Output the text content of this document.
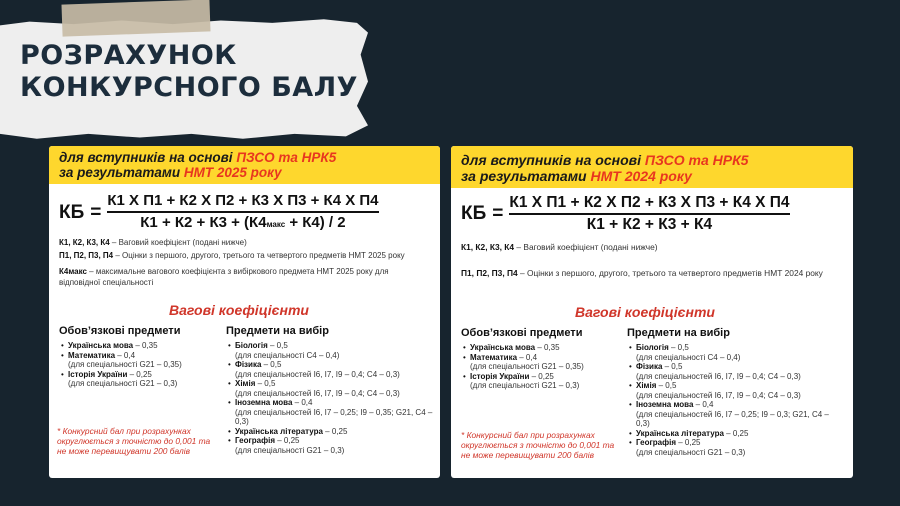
РОЗРАХУНОК
КОНКУРСНОГО БАЛУ
для вступників на основі ПЗСО та НРК5
за результатами НМТ 2025 року
КБ = $\frac{\text{К1 Х П1 + К2 Х П2 + К3 Х П3 + К4 Х П4}}{\text{К1 + К2 + К3 + (К4макс + К4) / 2}}$

К1, К2, К3, К4 – Ваговий коефіцієнт (подані нижче)

П1, П2, П3, П4 – Оцінки з першого, другого, третього та четвертого предметів НМТ 2025 року

К4макс – максимальне вагового коефіцієнта з вибіркового предмета НМТ 2025 року для відповідної спеціальності

Вагові коефіцієнти
Обов’язкові предмети
• Українська мова – 0,35
• Математика – 0,4
(для спеціальності G21 – 0,35)
• Історія України – 0,25
(для спеціальності G21 – 0,3)
Предмети на вибір
• Біологія – 0,5
(для спеціальності С4 – 0,4)
• Фізика – 0,5
(для спеціальностей І6, І7, І9 – 0,4; С4 – 0,3)
• Хімія – 0,5
(для спеціальностей І6, І7, І9 – 0,4; С4 – 0,3)
• Іноземна мова – 0,4
(для спеціальностей І6, І7 – 0,25; І9 – 0,35; G21, C4 – 0,3)
• Українська література – 0,25
• Географія – 0,25
(для спеціальності G21 – 0,3)
* Конкурсний бал при розрахунках округлюється з точністю до 0,001 та не може перевищувати 200 балів
для вступників на основі ПЗСО та НРК5
за результатами НМТ 2024 року
КБ = $\frac{\text{К1 Х П1 + К2 Х П2 + К3 Х П3 + К4 Х П4}}{К1 + К2 + К3 + К4}$

К1, К2, К3, К4 – Ваговий коефіцієнт (подані нижче)

П1, П2, П3, П4 – Оцінки з першого, другого, третього та четвертого предметів НМТ 2024 року

Вагові коефіцієнти
Обов’язкові предмети
• Українська мова – 0,35
• Математика – 0,4
(для спеціальності G21 – 0,35)
• Історія України – 0,25
(для спеціальності G21 – 0,3)
Предмети на вибір
• Біологія – 0,5
(для спеціальності С4 – 0,4)
• Фізика – 0,5
(для спеціальностей І6, І7, І9 – 0,4; С4 – 0,3)
• Хімія – 0,5
(для спеціальностей І6, І7, І9 – 0,4; С4 – 0,3)
• Іноземна мова – 0,4
(для спеціальностей І6, І7 – 0,25; І9 – 0,3; G21, C4 – 0,3)
• Українська література – 0,25
• Географія – 0,25
(для спеціальності G21 – 0,3)
* Конкурсний бал при розрахунках округлюється з точністю до 0,001 та не може перевищувати 200 балів
